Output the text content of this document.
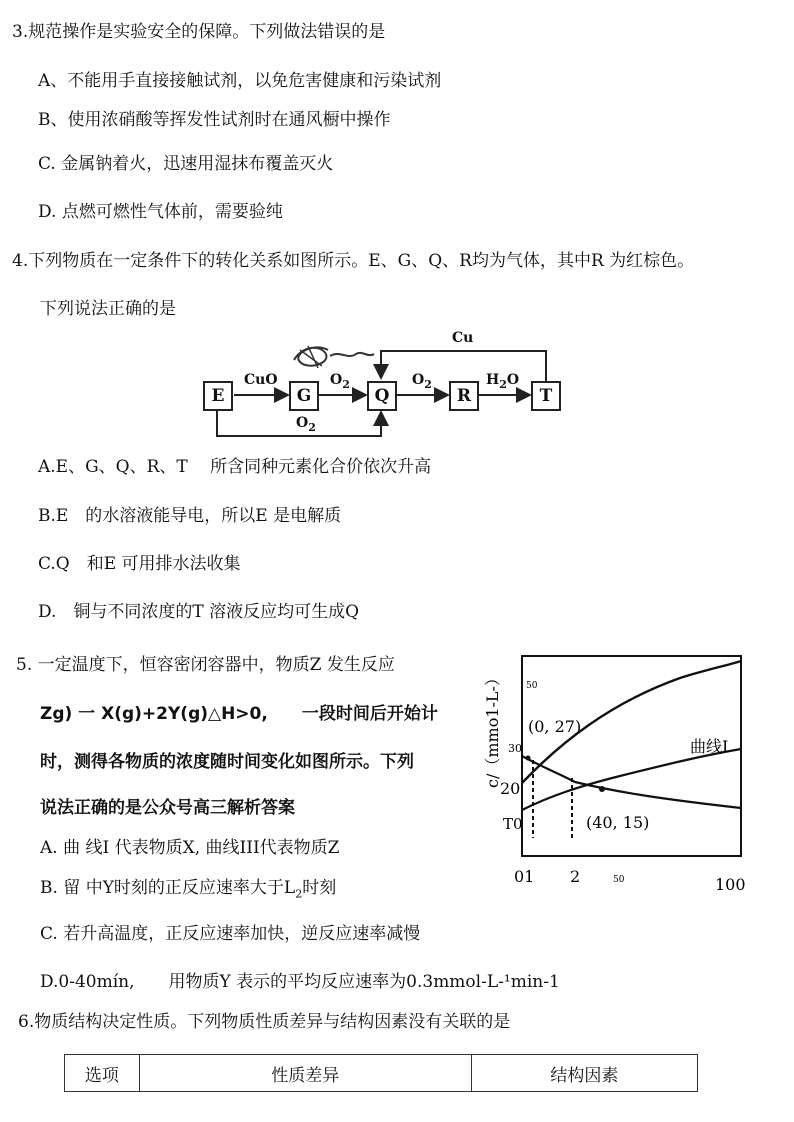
3.规范操作是实验安全的保障。下列做法错误的是
A、不能用手直接接触试剂，以免危害健康和污染试剂
B、使用浓硝酸等挥发性试剂时在通风橱中操作
C. 金属钠着火，迅速用湿抹布覆盖灭火
D. 点燃可燃性气体前，需要验纯
4.下列物质在一定条件下的转化关系如图所示。E、G、Q、R均为气体，其中R 为红棕色。
下列说法正确的是
E	G	Q	R	T
CuO	$O_2$	$O_2$	$H_2O$
$O_2$
Cu
A.E、G、Q、R、T　 所含同种元素化合价依次升高
B.E　的水溶液能导电，所以E 是电解质
C.Q　和E 可用排水法收集
D.　铜与不同浓度的T 溶液反应均可生成Q
5. 一定温度下，恒容密闭容器中，物质Z 发生反应
Zg) 一 X(g)+2Y(g)△H>0,　　一段时间后开始计
时，测得各物质的浓度随时间变化如图所示。下列
说法正确的是公众号高三解析答案
A. 曲 线I 代表物质X, 曲线III代表物质Z
B. 留 中Y时刻的正反应速率大于$L_2$时刻
C. 若升高温度，正反应速率加快，逆反应速率减慢
D.0-40mín,　　用物质Y 表示的平均反应速率为0.3mmol-L-¹min-1
曲线I
50
30
20
T0
(0, 27)
(40, 15)
c/（mmo1-L-）
01 2	50	100
6.物质结构决定性质。下列物质性质差异与结构因素没有关联的是
选项	性质差异	结构因素
